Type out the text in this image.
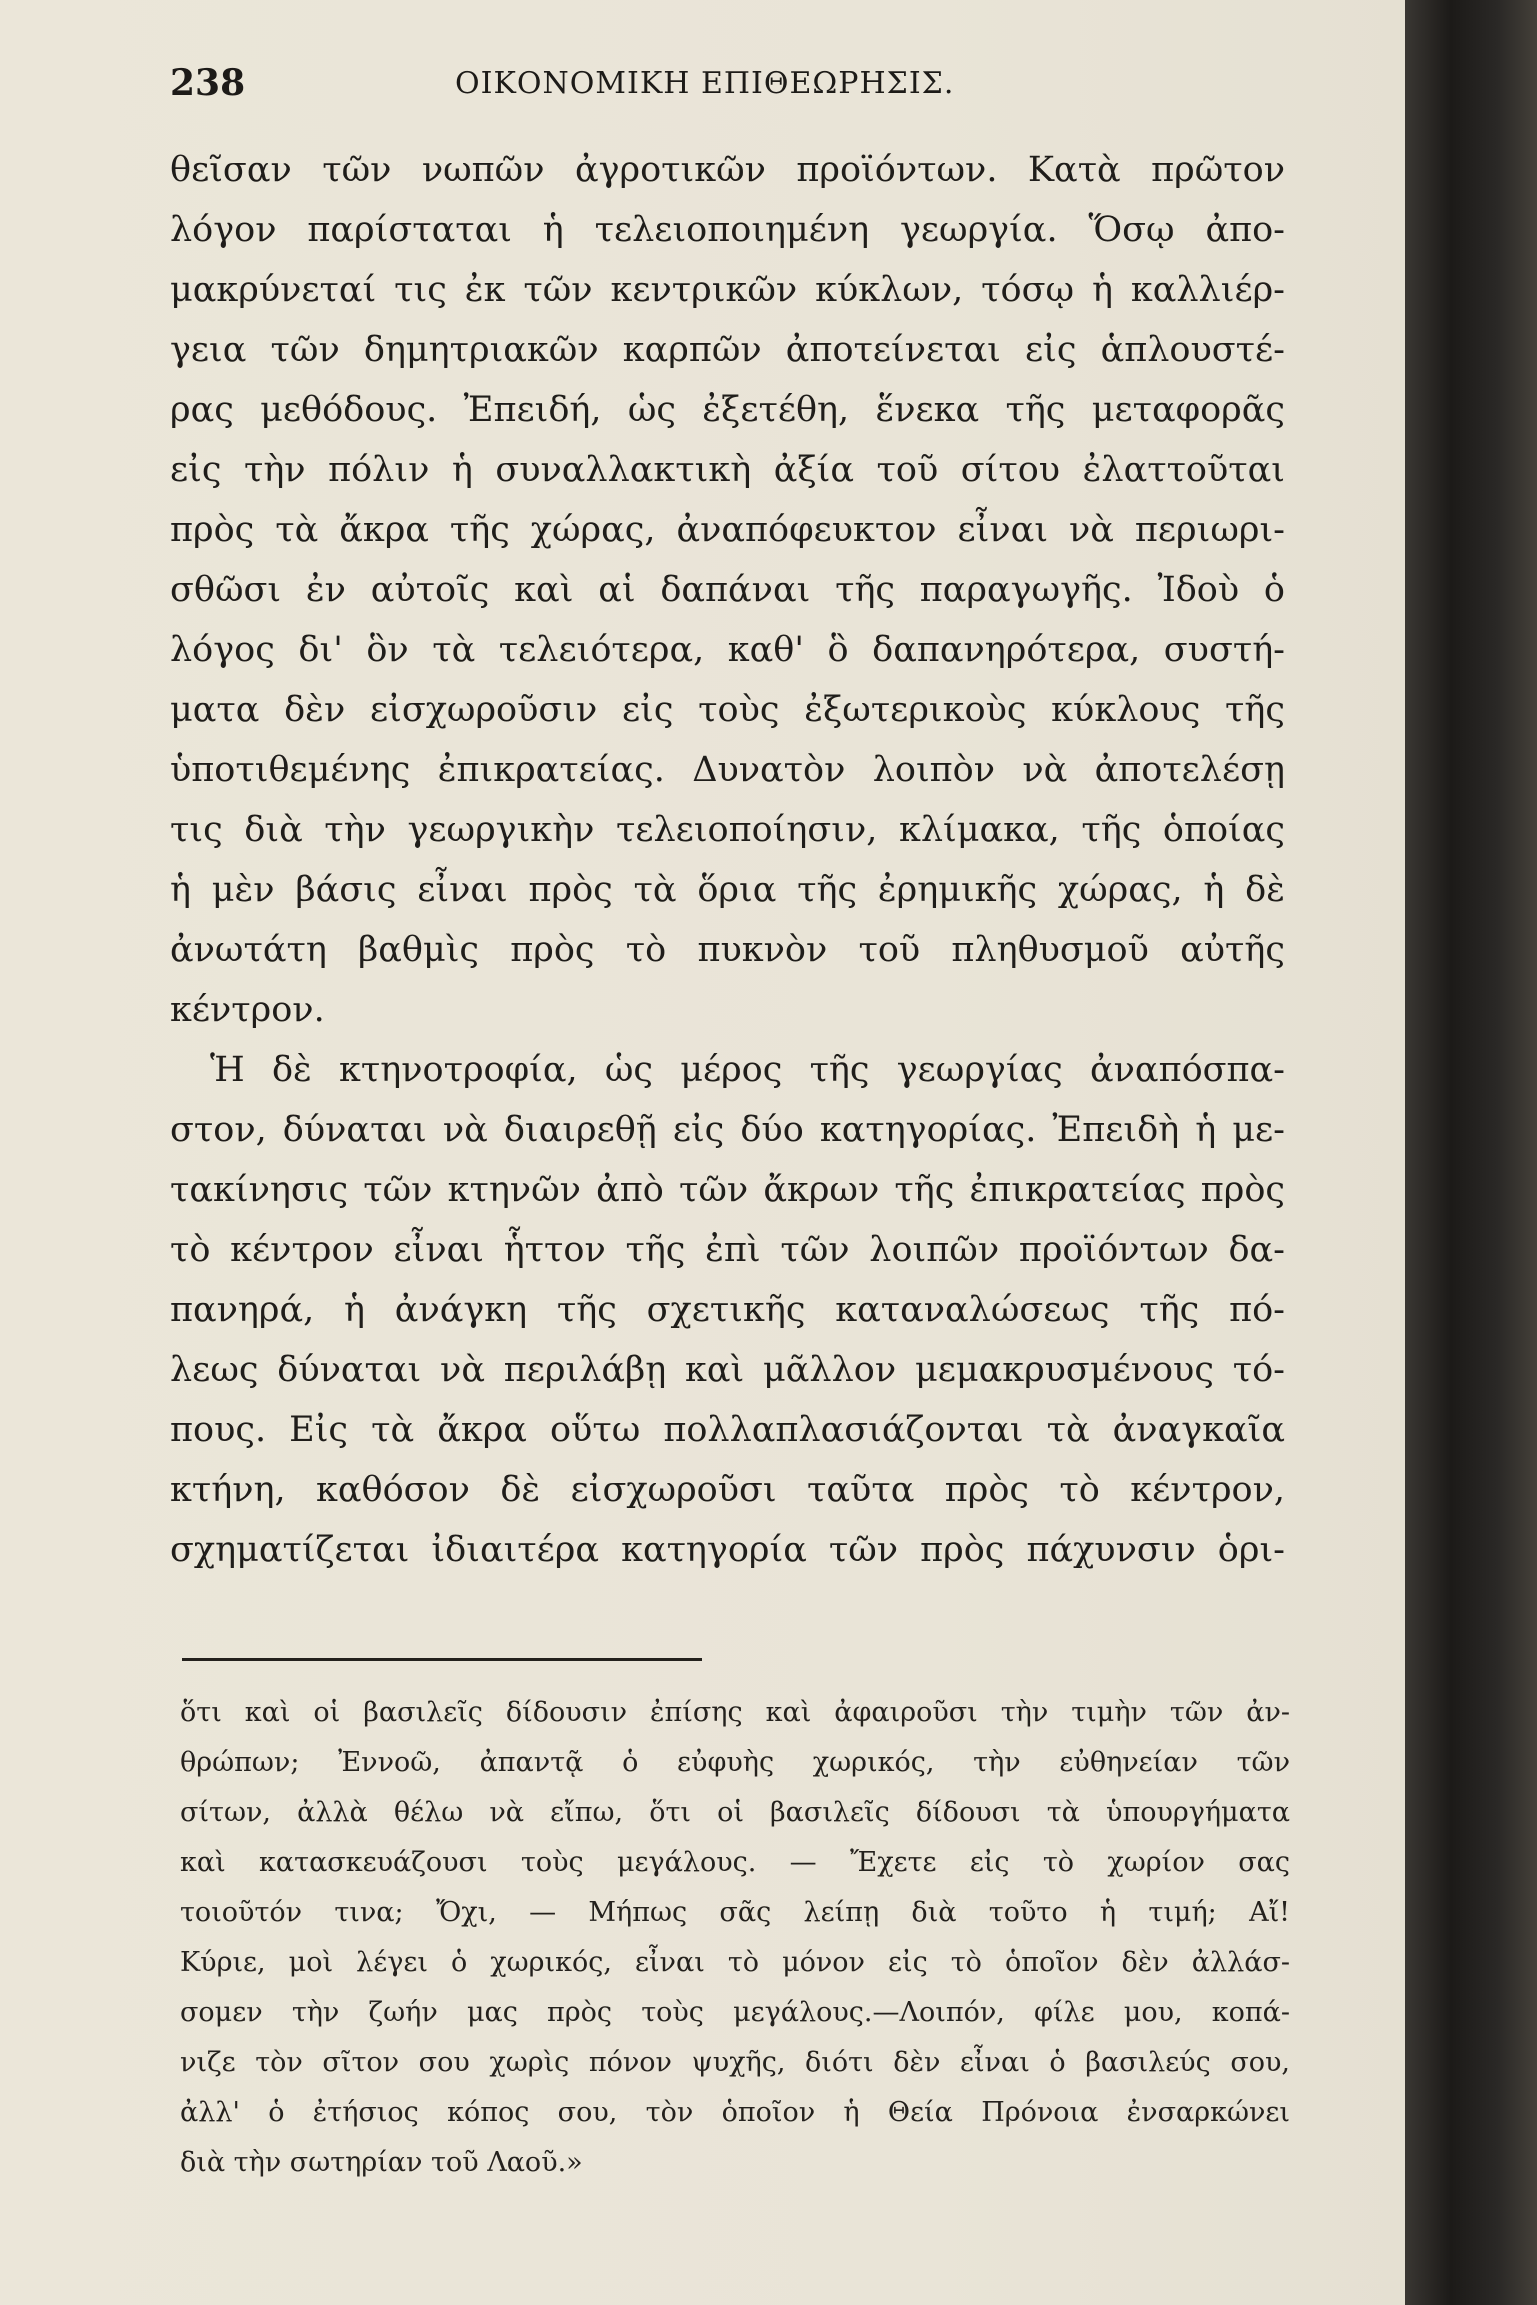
238	ΟΙΚΟΝΟΜΙΚΗ ΕΠΙΘΕΩΡΗΣΙΣ.
θεῖσαν τῶν νωπῶν ἀγροτικῶν προϊόντων. Κατὰ πρῶτον
λόγον παρίσταται ἡ τελειοποιημένη γεωργία. Ὅσῳ ἀπο-
μακρύνεταί τις ἐκ τῶν κεντρικῶν κύκλων, τόσῳ ἡ καλλιέρ-
γεια τῶν δημητριακῶν καρπῶν ἀποτείνεται εἰς ἁπλουστέ-
ρας μεθόδους. Ἐπειδή, ὡς ἐξετέθη, ἕνεκα τῆς μεταφορᾶς
εἰς τὴν πόλιν ἡ συναλλακτικὴ ἀξία τοῦ σίτου ἐλαττοῦται
πρὸς τὰ ἄκρα τῆς χώρας, ἀναπόφευκτον εἶναι νὰ περιωρι-
σθῶσι ἐν αὐτοῖς καὶ αἱ δαπάναι τῆς παραγωγῆς. Ἰδοὺ ὁ
λόγος δι' ὃν τὰ τελειότερα, καθ' ὃ δαπανηρότερα, συστή-
ματα δὲν εἰσχωροῦσιν εἰς τοὺς ἐξωτερικοὺς κύκλους τῆς
ὑποτιθεμένης ἐπικρατείας. Δυνατὸν λοιπὸν νὰ ἀποτελέσῃ
τις διὰ τὴν γεωργικὴν τελειοποίησιν, κλίμακα, τῆς ὁποίας
ἡ μὲν βάσις εἶναι πρὸς τὰ ὅρια τῆς ἐρημικῆς χώρας, ἡ δὲ
ἀνωτάτη βαθμὶς πρὸς τὸ πυκνὸν τοῦ πληθυσμοῦ αὐτῆς
κέντρον.
Ἡ δὲ κτηνοτροφία, ὡς μέρος τῆς γεωργίας ἀναπόσπα-
στον, δύναται νὰ διαιρεθῇ εἰς δύο κατηγορίας. Ἐπειδὴ ἡ με-
τακίνησις τῶν κτηνῶν ἀπὸ τῶν ἄκρων τῆς ἐπικρατείας πρὸς
τὸ κέντρον εἶναι ἧττον τῆς ἐπὶ τῶν λοιπῶν προϊόντων δα-
πανηρά, ἡ ἀνάγκη τῆς σχετικῆς καταναλώσεως τῆς πό-
λεως δύναται νὰ περιλάβῃ καὶ μᾶλλον μεμακρυσμένους τό-
πους. Εἰς τὰ ἄκρα οὕτω πολλαπλασιάζονται τὰ ἀναγκαῖα
κτήνη, καθόσον δὲ εἰσχωροῦσι ταῦτα πρὸς τὸ κέντρον,
σχηματίζεται ἰδιαιτέρα κατηγορία τῶν πρὸς πάχυνσιν ὁρι-
ὅτι καὶ οἱ βασιλεῖς δίδουσιν ἐπίσης καὶ ἀφαιροῦσι τὴν τιμὴν τῶν ἀν-
θρώπων; Ἐννοῶ, ἀπαντᾷ ὁ εὐφυὴς χωρικός, τὴν εὐθηνείαν τῶν
σίτων, ἀλλὰ θέλω νὰ εἴπω, ὅτι οἱ βασιλεῖς δίδουσι τὰ ὑπουργήματα
καὶ κατασκευάζουσι τοὺς μεγάλους. — Ἔχετε εἰς τὸ χωρίον σας
τοιοῦτόν τινα; Ὄχι, — Μήπως σᾶς λείπῃ διὰ τοῦτο ἡ τιμή; Αἴ!
Κύριε, μοὶ λέγει ὁ χωρικός, εἶναι τὸ μόνον εἰς τὸ ὁποῖον δὲν ἀλλάσ-
σομεν τὴν ζωήν μας πρὸς τοὺς μεγάλους.—Λοιπόν, φίλε μου, κοπά-
νιζε τὸν σῖτον σου χωρὶς πόνον ψυχῆς, διότι δὲν εἶναι ὁ βασιλεύς σου,
ἀλλ' ὁ ἐτήσιος κόπος σου, τὸν ὁποῖον ἡ Θεία Πρόνοια ἐνσαρκώνει
διὰ τὴν σωτηρίαν τοῦ Λαοῦ.»
